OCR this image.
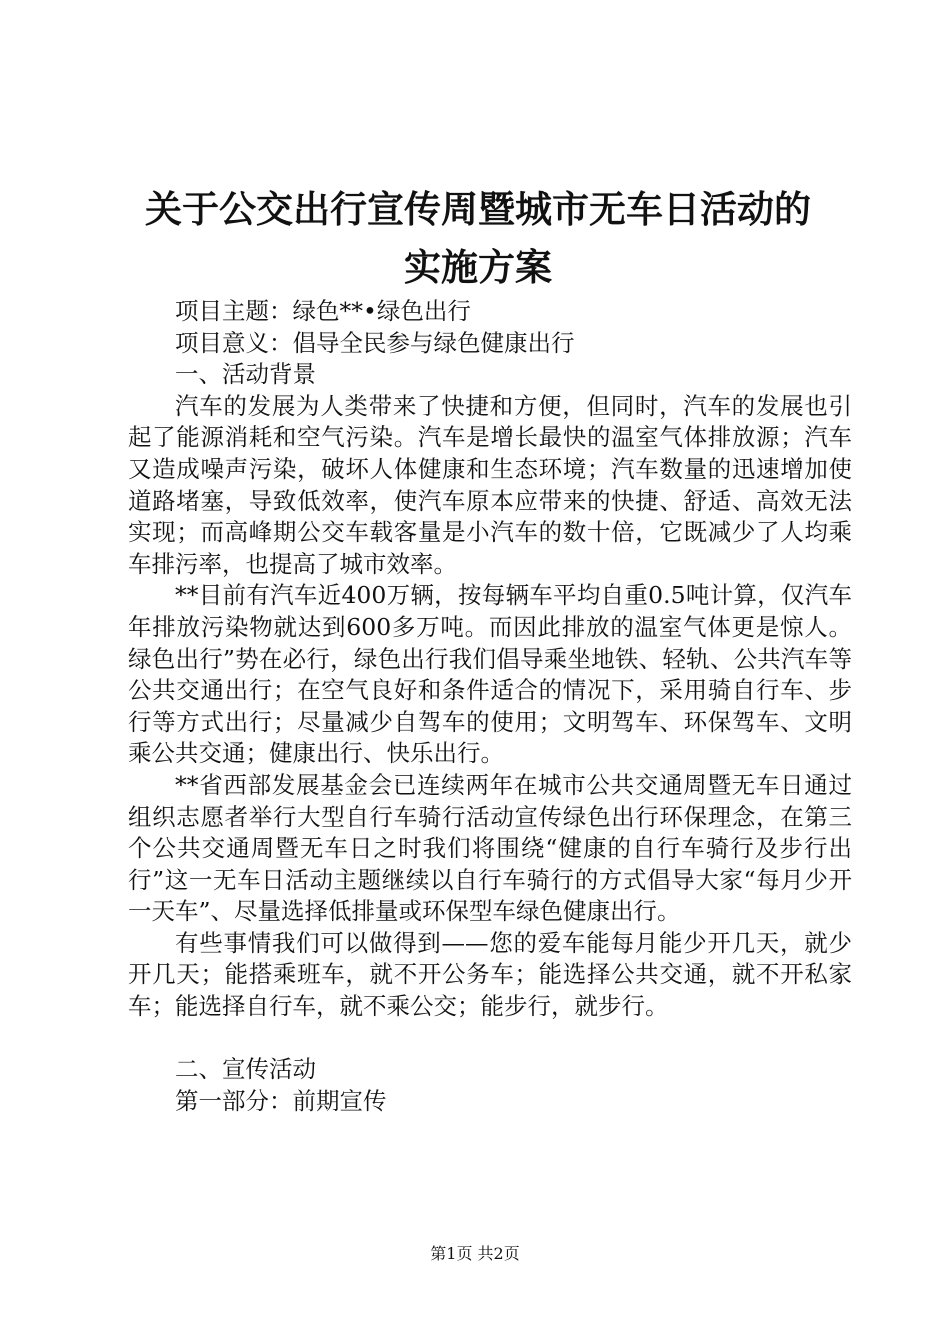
关于公交出行宣传周暨城市无车日活动的实施方案

项目主题：绿色**•绿色出行

项目意义：倡导全民参与绿色健康出行

一、活动背景

汽车的发展为人类带来了快捷和方便，但同时，汽车的发展也引起了能源消耗和空气污染。汽车是增长最快的温室气体排放源；汽车又造成噪声污染，破坏人体健康和生态环境；汽车数量的迅速增加使道路堵塞，导致低效率，使汽车原本应带来的快捷、舒适、高效无法实现；而高峰期公交车载客量是小汽车的数十倍，它既减少了人均乘车排污率，也提高了城市效率。

**目前有汽车近400万辆，按每辆车平均自重0.5吨计算，仅汽车年排放污染物就达到600多万吨。而因此排放的温室气体更是惊人。绿色出行”势在必行，绿色出行我们倡导乘坐地铁、轻轨、公共汽车等公共交通出行；在空气良好和条件适合的情况下，采用骑自行车、步行等方式出行；尽量减少自驾车的使用；文明驾车、环保驾车、文明乘公共交通；健康出行、快乐出行。

**省西部发展基金会已连续两年在城市公共交通周暨无车日通过组织志愿者举行大型自行车骑行活动宣传绿色出行环保理念，在第三个公共交通周暨无车日之时我们将围绕“健康的自行车骑行及步行出行”这一无车日活动主题继续以自行车骑行的方式倡导大家“每月少开一天车”、尽量选择低排量或环保型车绿色健康出行。

有些事情我们可以做得到——您的爱车能每月能少开几天，就少开几天；能搭乘班车，就不开公务车；能选择公共交通，就不开私家车；能选择自行车，就不乘公交；能步行，就步行。

二、宣传活动

第一部分：前期宣传

第1页 共2页
